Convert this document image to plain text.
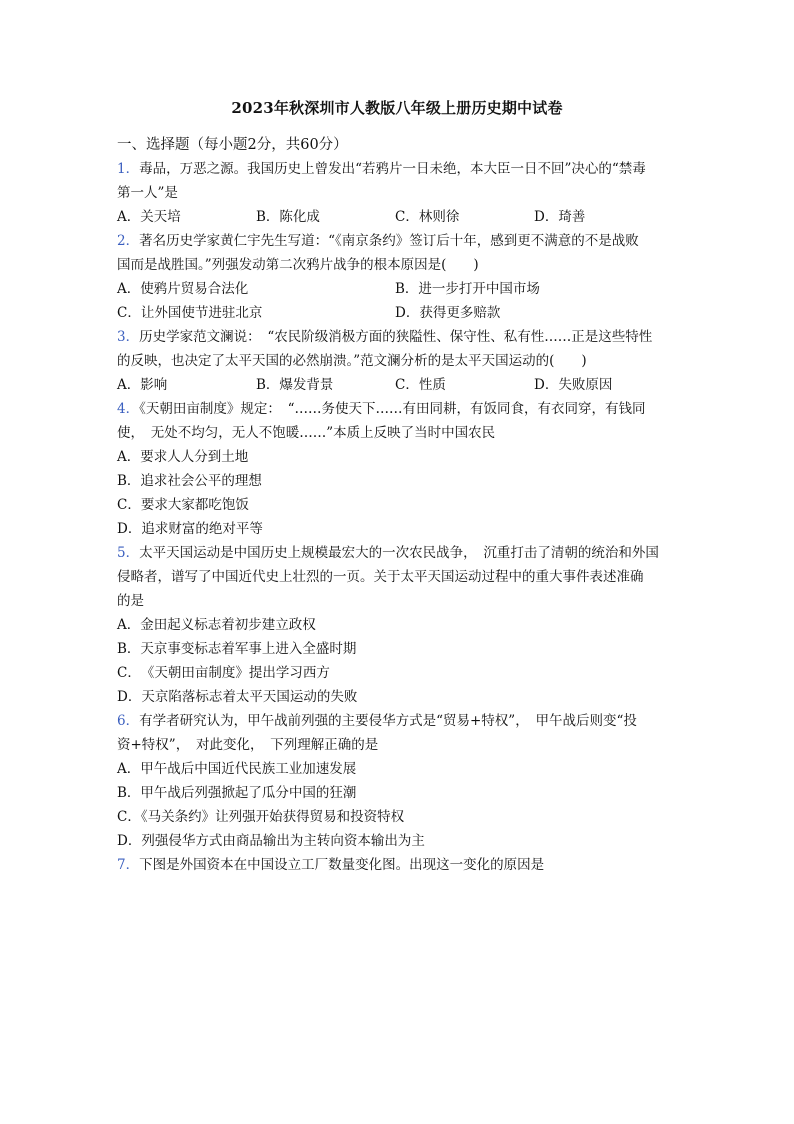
2023年秋深圳市人教版八年级上册历史期中试卷
一、选择题（每小题2分，共60分）
1．毒品，万恶之源。我国历史上曾发出“若鸦片一日未绝，本大臣一日不回”决心的“禁毒
第一人”是
A．关天培	B．陈化成	C．林则徐	D．琦善
2．著名历史学家黄仁宇先生写道：“《南京条约》签订后十年，感到更不满意的不是战败
国而是战胜国。”列强发动第二次鸦片战争的根本原因是(　　)
A．使鸦片贸易合法化	B．进一步打开中国市场
C．让外国使节进驻北京	D．获得更多赔款
3．历史学家范文澜说：　“农民阶级消极方面的狭隘性、保守性、私有性……正是这些特性
的反映，也决定了太平天国的必然崩溃。”范文澜分析的是太平天国运动的(　　)
A．影响	B．爆发背景	C．性质	D．失败原因
4．《天朝田亩制度》规定：　“……务使天下……有田同耕，有饭同食，有衣同穿，有钱同
使，　无处不均匀，无人不饱暖……”本质上反映了当时中国农民
A．要求人人分到土地
B．追求社会公平的理想
C．要求大家都吃饱饭
D．追求财富的绝对平等
5．太平天国运动是中国历史上规模最宏大的一次农民战争，　沉重打击了清朝的统治和外国
侵略者，谱写了中国近代史上壮烈的一页。关于太平天国运动过程中的重大事件表述准确
的是
A．金田起义标志着初步建立政权
B．天京事变标志着军事上进入全盛时期
C．　《天朝田亩制度》提出学习西方
D．天京陷落标志着太平天国运动的失败
6．有学者研究认为，甲午战前列强的主要侵华方式是“贸易+特权”，　甲午战后则变“投
资+特权”，　对此变化，　下列理解正确的是
A．甲午战后中国近代民族工业加速发展
B．甲午战后列强掀起了瓜分中国的狂潮
C．《马关条约》让列强开始获得贸易和投资特权
D．列强侵华方式由商品输出为主转向资本输出为主
7．下图是外国资本在中国设立工厂数量变化图。出现这一变化的原因是
